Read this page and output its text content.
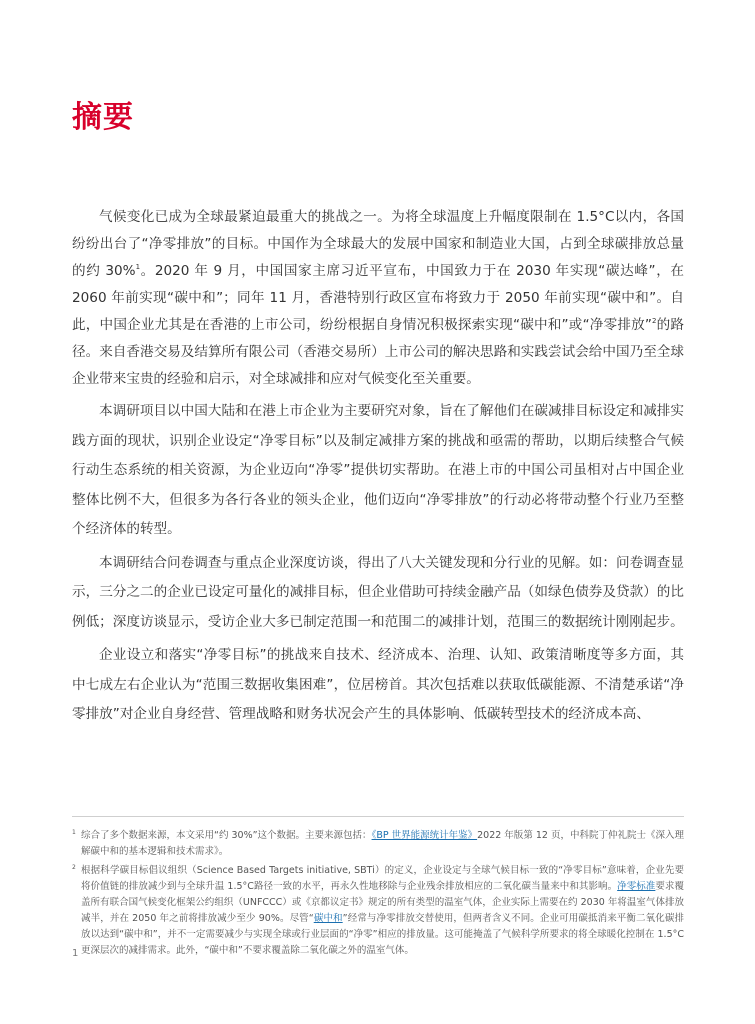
摘要

气候变化已成为全球最紧迫最重大的挑战之一。为将全球温度上升幅度限制在 1.5°C以内，各国纷纷出台了“净零排放”的目标。中国作为全球最大的发展中国家和制造业大国，占到全球碳排放总量的约 30%$^1$。2020 年 9 月，中国国家主席习近平宣布，中国致力于在 2030 年实现“碳达峰”，在 2060 年前实现“碳中和”；同年 11 月，香港特别行政区宣布将致力于 2050 年前实现“碳中和”。自此，中国企业尤其是在香港的上市公司，纷纷根据自身情况积极探索实现“碳中和”或“净零排放”$^2$的路径。来自香港交易及结算所有限公司（香港交易所）上市公司的解决思路和实践尝试会给中国乃至全球企业带来宝贵的经验和启示，对全球减排和应对气候变化至关重要。

本调研项目以中国大陆和在港上市企业为主要研究对象，旨在了解他们在碳减排目标设定和减排实践方面的现状，识别企业设定“净零目标”以及制定减排方案的挑战和亟需的帮助，以期后续整合气候行动生态系统的相关资源，为企业迈向“净零”提供切实帮助。在港上市的中国公司虽相对占中国企业整体比例不大，但很多为各行各业的领头企业，他们迈向“净零排放”的行动必将带动整个行业乃至整个经济体的转型。

本调研结合问卷调查与重点企业深度访谈，得出了八大关键发现和分行业的见解。如：问卷调查显示，三分之二的企业已设定可量化的减排目标，但企业借助可持续金融产品（如绿色债券及贷款）的比例低；深度访谈显示，受访企业大多已制定范围一和范围二的减排计划，范围三的数据统计刚刚起步。

企业设立和落实“净零目标”的挑战来自技术、经济成本、治理、认知、政策清晰度等多方面，其中七成左右企业认为“范围三数据收集困难”，位居榜首。其次包括难以获取低碳能源、不清楚承诺“净零排放”对企业自身经营、管理战略和财务状况会产生的具体影响、低碳转型技术的经济成本高、

1 综合了多个数据来源，本文采用“约 30%”这个数据。主要来源包括：《BP 世界能源统计年鉴》2022 年版第 12 页，中科院丁仲礼院士《深入理解碳中和的基本逻辑和技术需求》。
2 根据科学碳目标倡议组织（Science Based Targets initiative, SBTi）的定义，企业设定与全球气候目标一致的“净零目标”意味着，企业先要将价值链的排放减少到与全球升温 1.5°C路径一致的水平，再永久性地移除与企业残余排放相应的二氧化碳当量来中和其影响。净零标准要求覆盖所有联合国气候变化框架公约组织（UNFCCC）或《京都议定书》规定的所有类型的温室气体，企业实际上需要在约 2030 年将温室气体排放减半，并在 2050 年之前将排放减少至少 90%。尽管“碳中和”经常与净零排放交替使用，但两者含义不同。企业可用碳抵消来平衡二氧化碳排放以达到“碳中和”，并不一定需要减少与实现全球或行业层面的“净零”相应的排放量。这可能掩盖了气候科学所要求的将全球暖化控制在 1.5°C更深层次的减排需求。此外，“碳中和”不要求覆盖除二氧化碳之外的温室气体。
1
